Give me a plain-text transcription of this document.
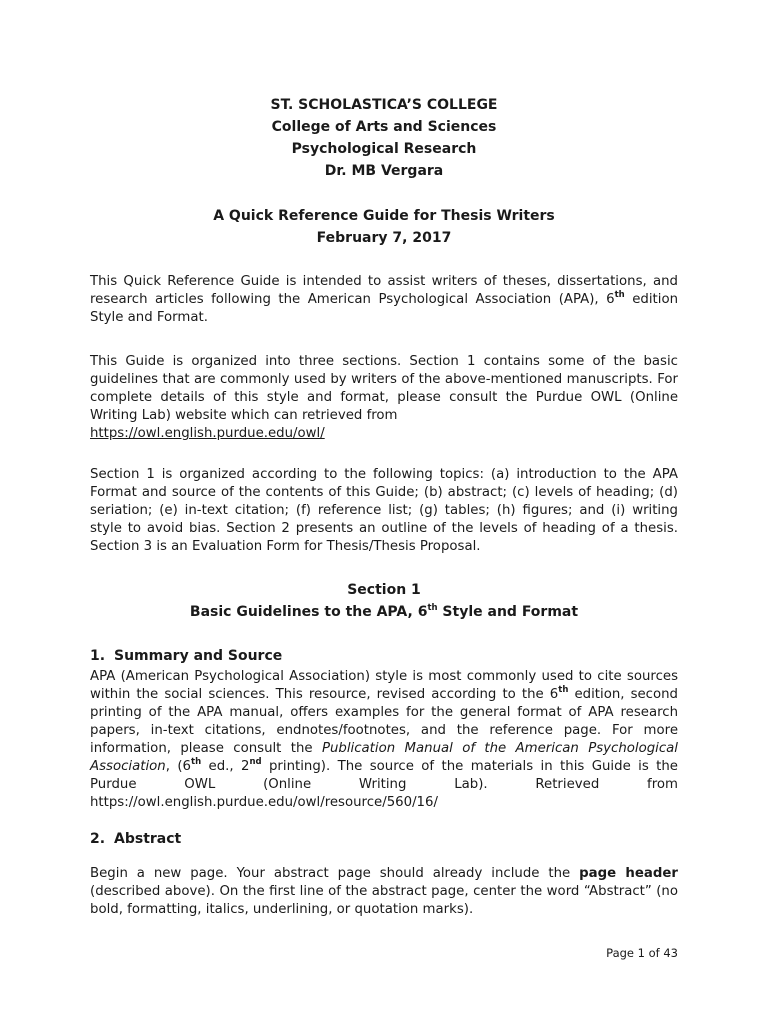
ST. SCHOLASTICA’S COLLEGE
College of Arts and Sciences
Psychological Research
Dr. MB Vergara
A Quick Reference Guide for Thesis Writers
February 7, 2017

This Quick Reference Guide is intended to assist writers of theses, dissertations, and research articles following the American Psychological Association (APA), 6th edition Style and Format.

This Guide is organized into three sections. Section 1 contains some of the basic guidelines that are commonly used by writers of the above-mentioned manuscripts. For complete details of this style and format, please consult the Purdue OWL (Online Writing Lab) website which can retrieved from
https://owl.english.purdue.edu/owl/

Section 1 is organized according to the following topics: (a) introduction to the APA Format and source of the contents of this Guide; (b) abstract; (c) levels of heading; (d) seriation; (e) in-text citation; (f) reference list; (g) tables; (h) figures; and (i) writing style to avoid bias. Section 2 presents an outline of the levels of heading of a thesis. Section 3 is an Evaluation Form for Thesis/Thesis Proposal.

Section 1
Basic Guidelines to the APA, 6th Style and Format
1. Summary and Source

APA (American Psychological Association) style is most commonly used to cite sources within the social sciences. This resource, revised according to the 6th edition, second printing of the APA manual, offers examples for the general format of APA research papers, in-text citations, endnotes/footnotes, and the reference page. For more information, please consult the Publication Manual of the American Psychological Association, (6th ed., 2nd printing). The source of the materials in this Guide is the Purdue OWL (Online Writing Lab). Retrieved from https://owl.english.purdue.edu/owl/resource/560/16/

2. Abstract

Begin a new page. Your abstract page should already include the page header (described above). On the first line of the abstract page, center the word “Abstract” (no bold, formatting, italics, underlining, or quotation marks).

Page 1 of 43
